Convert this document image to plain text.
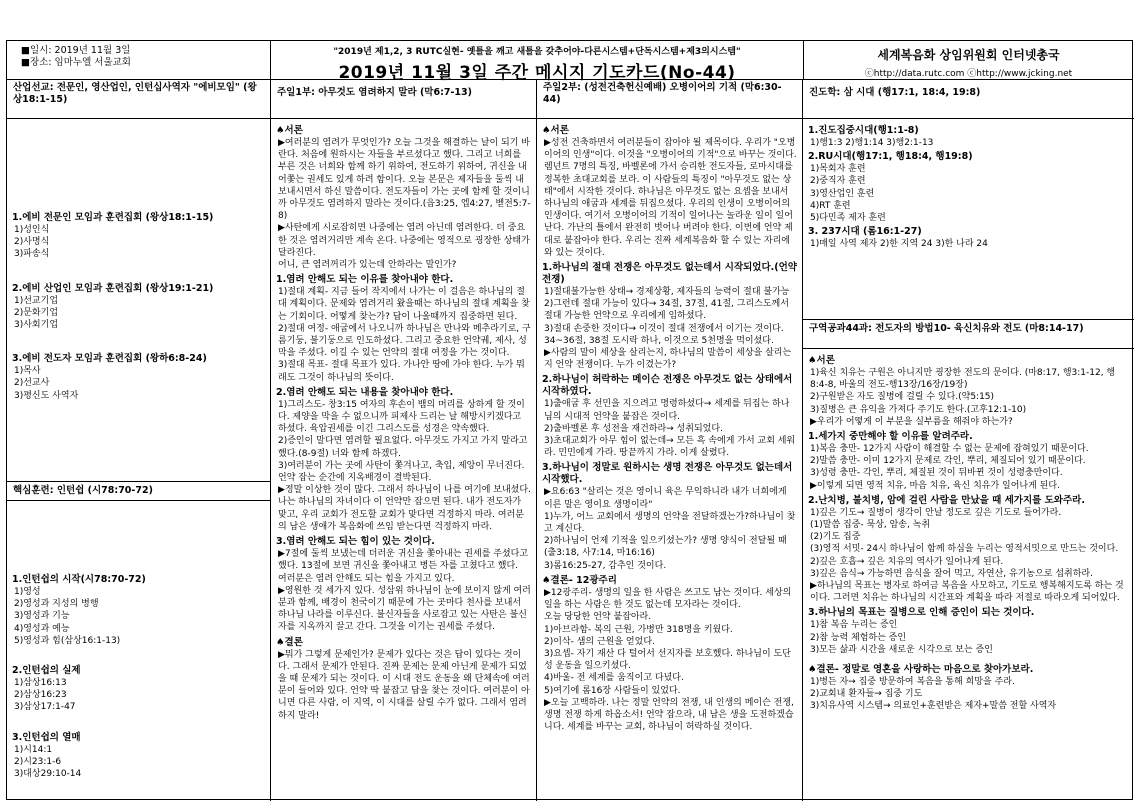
■일시: 2019년 11월 3일
■장소: 임마누엘 서울교회
"2019년 제1,2, 3 RUTC실현- 옛틀을 깨고 새틀을 갖추어야-다른시스템+단독시스템+제3의시스템"
2019년 11월 3일 주간 메시지 기도카드(No-44)
세계복음화 상임위원회 인터넷총국
ⓒhttp://data.rutc.com ⓒhttp://www.jcking.net
산업선교: 전문인, 영산업인, 인턴십사역자 "에비모임" (왕상18:1-15)
1.에비 전문인 모임과 훈련집회 (왕상18:1-15)
1)성인식
2)사명식
3)파송식
2.에비 산업인 모임과 훈련집회 (왕상19:1-21)
1)선교기업
2)문화기업
3)사회기업
3.에비 전도자 모임과 훈련집회 (왕하6:8-24)
1)목사
2)선교사
3)평신도 사역자
핵심훈련: 인턴쉽 (시78:70-72)
1.인턴쉽의 시작(시78:70-72)
1)영성
2)영성과 지성의 병행
3)영성과 기능
4)영성과 예능
5)영성과 힘(삼상16:1-13)
2.인턴쉽의 실제
1)삼상16:13
2)삼상16:23
3)삼상17:1-47
3.인턴쉽의 열매
1)시14:1
2)시23:1-6
3)대상29:10-14
주일1부: 아무것도 염려하지 말라 (막6:7-13)
♠서론
▶여러분의 염려가 무엇인가? 오늘 그것을 해결하는 날이 되기 바란다. 처음에 원하시는 자들을 부르셨다고 했다. 그리고 너희를 부른 것은 너희와 함께 하기 위하여, 전도하기 위하여, 귀신을 내어쫓는 권세도 있게 하려 함이다. 오늘 본문은 제자들을 둘씩 내 보내시면서 하신 말씀이다. 전도자들이 가는 곳에 함께 할 것이니까 아무것도 염려하지 말라는 것이다.(읍3:25, 엡4:27, 벧전5:7-8)
▶사탄에게 시로잡히면 나중에는 염려 아닌데 염려한다. 더 중요한 것은 염려거리만 계속 온다. 나중에는 영적으로 굉장한 상태가 달라진다.
어니, 큰 염려꺼리가 있는데 안하라는 말인가?
1.염려 안해도 되는 이유를 찾아내야 한다.
1)절대 계획- 지금 들어 작지에서 나가는 이 걸음은 하나님의 절대 계획이다. 문제와 염려거리 왔을때는 하나님의 절대 계획을 찾는 기회이다. 어떻게 찾는가? 답이 나올때까지 집중하면 된다.
2)절대 여정- 애굽에서 나오니까 하나님은 만나와 메추라기로, 구름기둥, 불기둥으로 인도하셨다. 그리고 중요한 언약궤, 제사, 성막을 주셨다. 이길 수 있는 언약의 절대 여정을 가는 것이다.
3)절대 목표- 절대 목표가 있다. 가나안 땅에 가야 한다. 누가 뭐래도 그것이 하나님의 뜻이다.
2.염려 안해도 되는 내용을 찾아내야 한다.
1)그리스도- 창3:15 여자의 후손이 뱀의 머리를 상하게 할 것이다. 제양을 막을 수 없으니까 피제사 드리는 날 해방시키겠다고 하셨다. 육압권세를 이긴 그리스도를 성경은 약속했다.
2)증인이 말다면 염려할 필요없다. 아무것도 가지고 가지 말라고 했다.(8-9절) 너와 함께 하겠다.
3)여러분이 가는 곳에 사탄이 쫓겨나고, 축입, 제앙이 무너진다. 언약 잡는 순간에 지옥배경이 결박된다.
▶정말 이상한 것이 많다. 그래서 하나님이 나를 여기에 보내셨다. 나는 하나님의 자녀이다 이 언약만 잡으면 된다. 내가 전도자가 맞고, 우리 교회가 전도할 교회가 맞다면 걱정하지 마라. 여러분의 남은 생애가 복음화에 쓰임 받는다면 걱정하지 마라.
3.염려 안해도 되는 힘이 있는 것이다.
▶7절에 둘씩 보냈는데 더러운 귀신을 쫓아내는 권세를 주셨다고 했다. 13절에 보면 귀신을 쫓아내고 병든 자를 고쳤다고 했다.
여러분은 염려 안해도 되는 힘을 가지고 있다.
▶영원한 것 세가지 있다. 성삼위 하나님이 눈에 보이지 않게 여러분과 함께, 배경이 천국이기 때문에 가는 곳마다 천사를 보내서 하나님 나라를 이루신다. 불신자들을 사로잡고 있는 사탄은 불신자를 지옥까지 끌고 간다. 그것을 이기는 권세를 주셨다.
♠결론
▶뭐가 그렇게 문제인가? 문제가 있다는 것은 답이 있다는 것이다. 그래서 문제가 안된다. 진짜 문제는 문제 아닌게 문제가 되었을 때 문제가 되는 것이다. 이 시대 전도 운동을 왜 단체속에 여러분이 들어와 있다. 언약 딱 붙잡고 답을 찾는 것이다. 여러분이 아니면 다른 사람, 이 지역, 이 시대를 살릴 수가 없다. 그래서 염려하지 말라!
주일2부: (성전건축헌신예배) 오병이어의 기적 (막6:30-44)
♠서론
▶성전 건축하면서 여러분들이 잡아야 될 제목이다. 우리가 "오병이어의 인생"이다. 이것을 "오병이어의 기적"으로 바꾸는 것이다. 렘넌트 7명의 특징, 바벨론에 가서 승리한 전도자들, 로마시대를 정복한 초대교회를 보라. 이 사람들의 특징이 "아무것도 없는 상태"에서 시작한 것이다. 하나님은 아무것도 없는 요셉을 보내서 하나님의 애굽과 세계를 뒤집으셨다. 우리의 인생이 오병이어의 인생이다. 여기서 오병이어의 기적이 일어나는 놀라운 일이 일어난다. 가난의 틀에서 완전히 벗어나 버려야 한다. 이번에 언약 제대로 붙잡아야 한다. 우리는 진짜 세계복음화 할 수 있는 자리에 와 있는 것이다.
1.하나님의 절대 전쟁은 아무것도 없는데서 시작되었다.(언약 전쟁)
1)절대불가능한 상태→ 경제상황, 제자들의 능력이 절대 불가능
2)그런데 절대 가능이 있다→ 34절, 37절, 41절, 그리스도께서 절대 가능한 언약으로 우리에게 임하셨다.
3)절대 손중한 것이다→ 이것이 절대 전쟁에서 이기는 것이다. 34~36절, 38절 도시락 하나, 이것으로 5천명을 먹이셨다.
▶사람의 말이 세상을 살리는지, 하나님의 말씀이 세상을 살리는지 언약 전쟁이다. 누가 이겼는가?
2.하나님이 허락하는 메이슨 전쟁은 아무것도 없는 상태에서 시작하였다.
1)출애굽 후 선민을 지으려고 명령하셨다→ 세계를 뒤집는 하나님의 시대적 언약을 붙잡은 것이다.
2)출바벨론 후 성전을 재건하라→ 성취되었다.
3)초대교회가 아무 힘이 없는데→ 모든 흑 속에게 가서 교회 세워라. 민민에게 가라. 땅끝까지 가라. 이게 살렸다.
3.하나님이 정말로 원하시는 생명 전쟁은 아무것도 없는데서 시작했다.
▶요6:63 "살리는 것은 영이니 육은 무익하니라 내가 너희에게 이른 말은 영이요 생명이라"
1)누가, 어느 교회에서 생명의 언약을 전달하겠는가?하나님이 찾고 계신다.
2)하나님이 언제 기적을 일으키셨는가? 생명 양식이 전달될 때(출3:18, 사7:14, 마16:16)
3)롬16:25-27, 감추인 것이다.
♠결론- 12광주리
▶12광주리- 생명의 일을 한 사람은 쓰고도 남는 것이다. 세상의 일을 하는 사람은 한 것도 없는데 모자라는 것이다.
오늘 당당한 언약 붙잡아라.
1)아브라함- 복의 근원, 가병만 318명을 키웠다.
2)이삭- 샘의 근원을 얻었다.
3)요셉- 자기 재산 다 털어서 선지자를 보호했다. 하나님이 도단성 운동을 일으키셨다.
4)바울- 전 세계를 움직이고 다녔다.
5)여기에 롬16장 사람들이 있었다.
▶오늘 고백하라. 나는 정말 언약의 전쟁, 내 인생의 메이슨 전쟁, 생명 전쟁 하게 하옵소서! 언약 잡으라, 내 남은 생을 도전하겠습니다. 세계를 바꾸는 교회, 하나님이 허락하실 것이다.
진도학: 삼 시대 (행17:1, 18:4, 19:8)
1.진도집중시대(행1:1-8)
1)행1:3 2)행1:14 3)행2:1-13
2.RU시대(행17:1, 행18:4, 행19:8)
1)목회자 훈련
2)중직자 훈련
3)영산업인 훈련
4)RT 훈련
5)다민족 제자 훈련
3. 237시대 (롬16:1-27)
1)매일 사역 제자 2)한 지역 24 3)한 나라 24
구역공과44과: 전도자의 방법10- 육신치유와 전도 (마8:14-17)
♠서론
1)육신 치유는 구원은 아니지만 굉장한 전도의 문이다. (마8:17, 행3:1-12, 행8:4-8, 바울의 전도-행13장/16장/19장)
2)구원받은 자도 질병에 걸릴 수 있다.(약5:15)
3)질병은 큰 유익을 가져다 주기도 한다.(고후12:1-10)
▶우리가 어떻게 이 부분을 실부름을 해줘야 하는가?
1.세가지 중만해야 할 이유를 알려주라.
1)복음 충만- 12가지 사람이 해결할 수 없는 문제에 잡혀있기 때문이다.
2)말씀 충만- 이미 12가지 문제로 각인, 뿌리, 체질되어 있기 때문이다.
3)성령 충만- 각인, 뿌리, 체질된 것이 뒤바뀐 것이 성령충만이다.
▶이렇게 되면 영적 치유, 마음 치유, 육신 치유가 일어나게 된다.
2.난치병, 불치병, 암에 걸린 사람을 만났을 때 세가지를 도와주라.
1)깊은 기도→ 질병이 생각이 안날 정도로 깊은 기도로 들어가라.
(1)말씀 집중- 묵상, 암송, 녹취
(2)기도 집중
(3)영적 서밋- 24시 하나님이 함께 하심을 누리는 영적서밋으로 만드는 것이다.
2)깊은 호흡→ 깊은 치유의 역사가 일어나게 된다.
3)깊은 음식→ 가능하면 음식을 잘어 먹고, 자연산, 유기농으로 섭취하라.
▶하나님의 목표는 병자로 하여금 복음을 사모하고, 기도로 행복해지도록 하는 것이다. 그러면 치유는 하나님의 시간표와 계획을 따라 저절로 따라오게 되어있다.
3.하나님의 목표는 질병으로 인해 증인이 되는 것이다.
1)참 복음 누리는 증인
2)참 능력 체험하는 증인
3)모든 삶과 시간을 새로운 시각으로 보는 증인
♠결론- 정말로 영혼을 사랑하는 마음으로 찾아가보라.
1)병든 자→ 집중 방문하여 복음을 통해 희망을 주라.
2)교회내 환자들→ 집중 기도
3)치유사역 시스템→ 의료인+훈련받은 제자+말씀 전할 사역자
